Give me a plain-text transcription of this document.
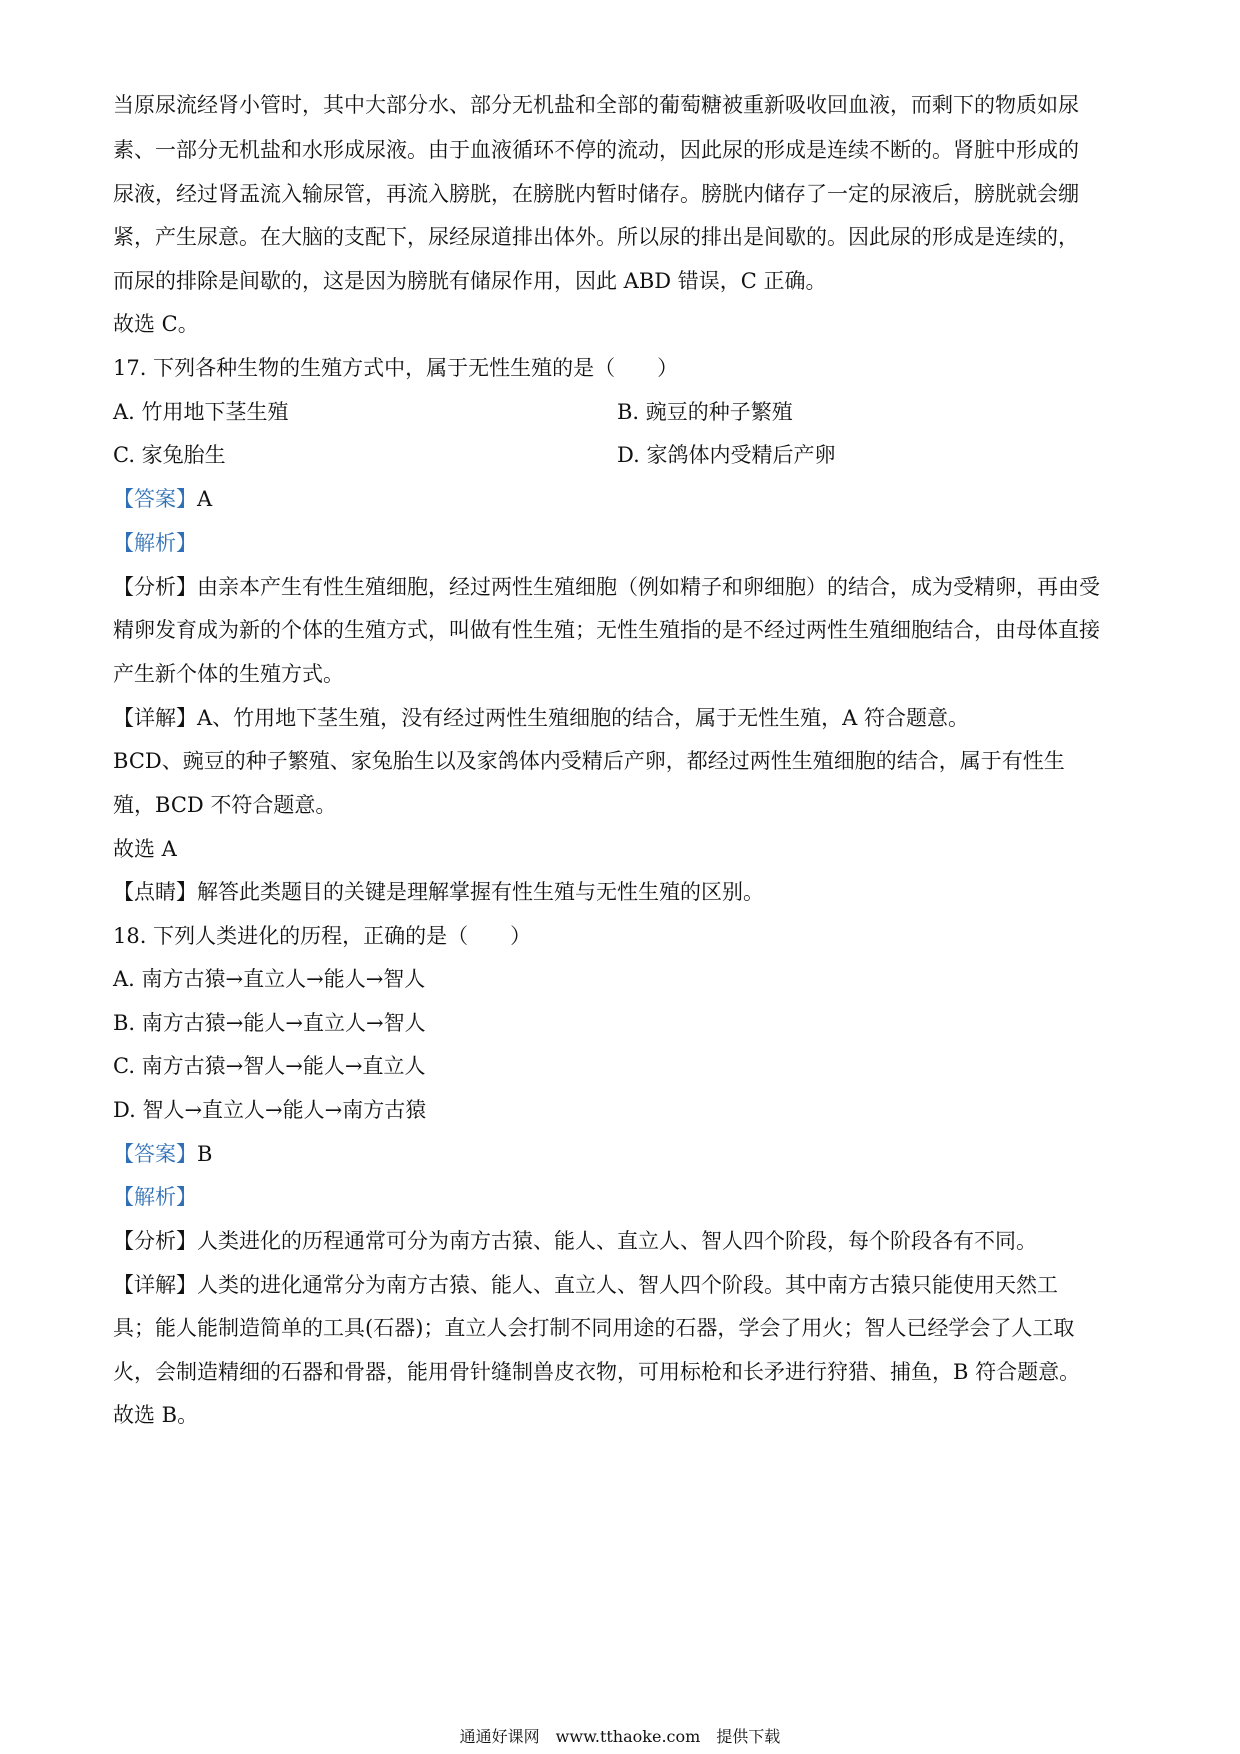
当原尿流经肾小管时，其中大部分水、部分无机盐和全部的葡萄糖被重新吸收回血液，而剩下的物质如尿
素、一部分无机盐和水形成尿液。由于血液循环不停的流动，因此尿的形成是连续不断的。肾脏中形成的
尿液，经过肾盂流入输尿管，再流入膀胱，在膀胱内暂时储存。膀胱内储存了一定的尿液后，膀胱就会绷
紧，产生尿意。在大脑的支配下，尿经尿道排出体外。所以尿的排出是间歇的。因此尿的形成是连续的，
而尿的排除是间歇的，这是因为膀胱有储尿作用，因此 ABD 错误，C 正确。
故选 C。
17. 下列各种生物的生殖方式中，属于无性生殖的是（　　）
A. 竹用地下茎生殖	B. 豌豆的种子繁殖
C. 家兔胎生	D. 家鸽体内受精后产卵
【答案】A
【解析】
【分析】由亲本产生有性生殖细胞，经过两性生殖细胞（例如精子和卵细胞）的结合，成为受精卵，再由受
精卵发育成为新的个体的生殖方式，叫做有性生殖；无性生殖指的是不经过两性生殖细胞结合，由母体直接
产生新个体的生殖方式。
【详解】A、竹用地下茎生殖，没有经过两性生殖细胞的结合，属于无性生殖，A 符合题意。
BCD、豌豆的种子繁殖、家兔胎生以及家鸽体内受精后产卵，都经过两性生殖细胞的结合，属于有性生
殖，BCD 不符合题意。
故选 A
【点睛】解答此类题目的关键是理解掌握有性生殖与无性生殖的区别。
18. 下列人类进化的历程，正确的是（　　）
A. 南方古猿→直立人→能人→智人
B. 南方古猿→能人→直立人→智人
C. 南方古猿→智人→能人→直立人
D. 智人→直立人→能人→南方古猿
【答案】B
【解析】
【分析】人类进化的历程通常可分为南方古猿、能人、直立人、智人四个阶段，每个阶段各有不同。
【详解】人类的进化通常分为南方古猿、能人、直立人、智人四个阶段。其中南方古猿只能使用天然工
具；能人能制造简单的工具(石器)；直立人会打制不同用途的石器，学会了用火；智人已经学会了人工取
火，会制造精细的石器和骨器，能用骨针缝制兽皮衣物，可用标枪和长矛进行狩猎、捕鱼，B 符合题意。
故选 B。
通通好课网　www.tthaoke.com　提供下载
